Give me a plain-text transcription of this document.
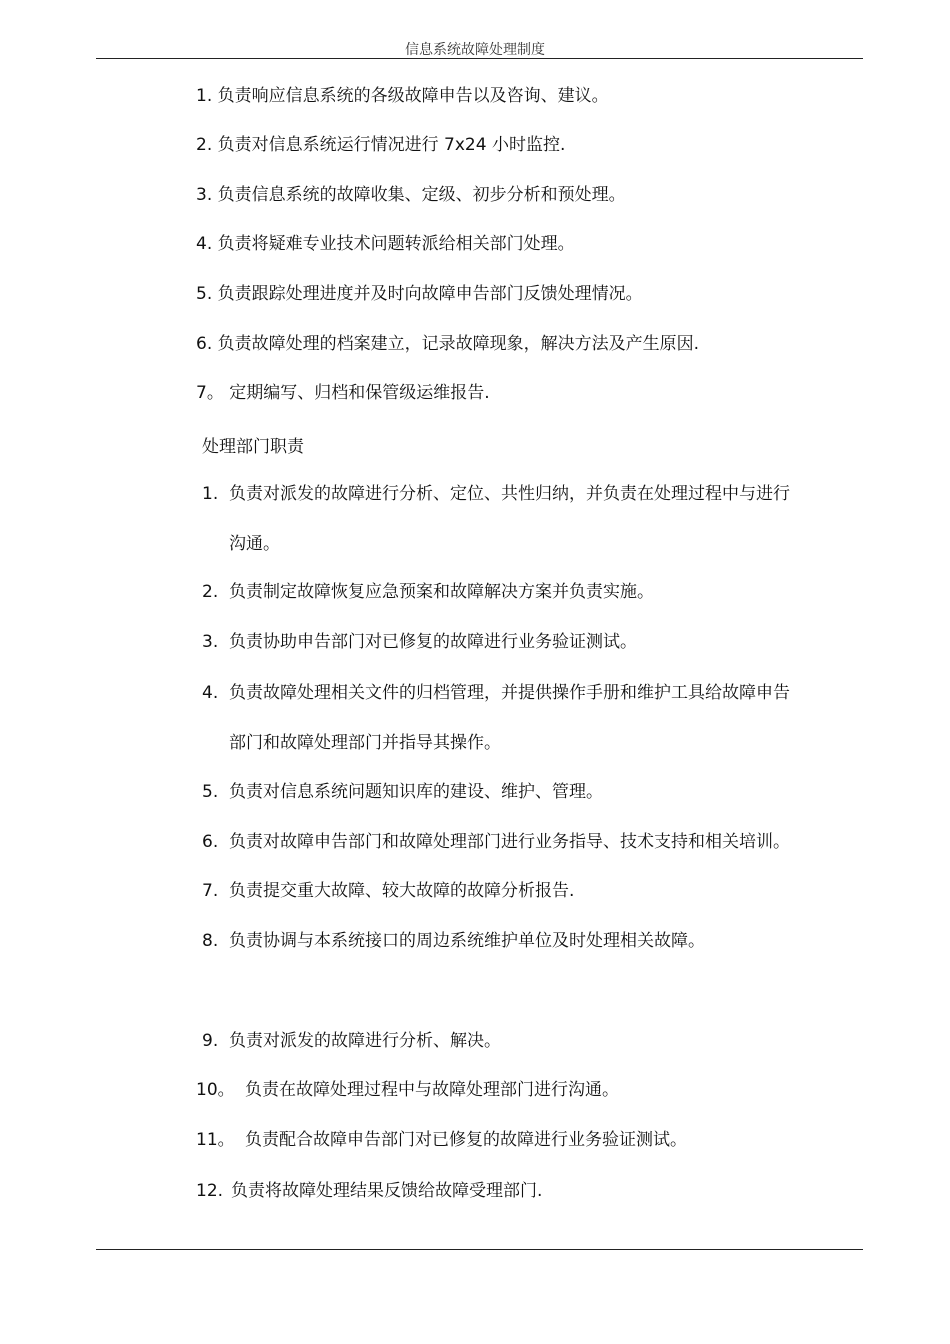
信息系统故障处理制度
1. 负责响应信息系统的各级故障申告以及咨询、建议。
2. 负责对信息系统运行情况进行 7x24 小时监控.
3. 负责信息系统的故障收集、定级、初步分析和预处理。
4. 负责将疑难专业技术问题转派给相关部门处理。
5. 负责跟踪处理进度并及时向故障申告部门反馈处理情况。
6. 负责故障处理的档案建立，记录故障现象，解决方法及产生原因.
7。 定期编写、归档和保管级运维报告.
处理部门职责
1. 负责对派发的故障进行分析、定位、共性归纳，并负责在处理过程中与进行
沟通。
2. 负责制定故障恢复应急预案和故障解决方案并负责实施。
3. 负责协助申告部门对已修复的故障进行业务验证测试。
4. 负责故障处理相关文件的归档管理，并提供操作手册和维护工具给故障申告
部门和故障处理部门并指导其操作。
5. 负责对信息系统问题知识库的建设、维护、管理。
6. 负责对故障申告部门和故障处理部门进行业务指导、技术支持和相关培训。
7. 负责提交重大故障、较大故障的故障分析报告.
8. 负责协调与本系统接口的周边系统维护单位及时处理相关故障。
9. 负责对派发的故障进行分析、解决。
10。 负责在故障处理过程中与故障处理部门进行沟通。
11。 负责配合故障申告部门对已修复的故障进行业务验证测试。
12. 负责将故障处理结果反馈给故障受理部门.
